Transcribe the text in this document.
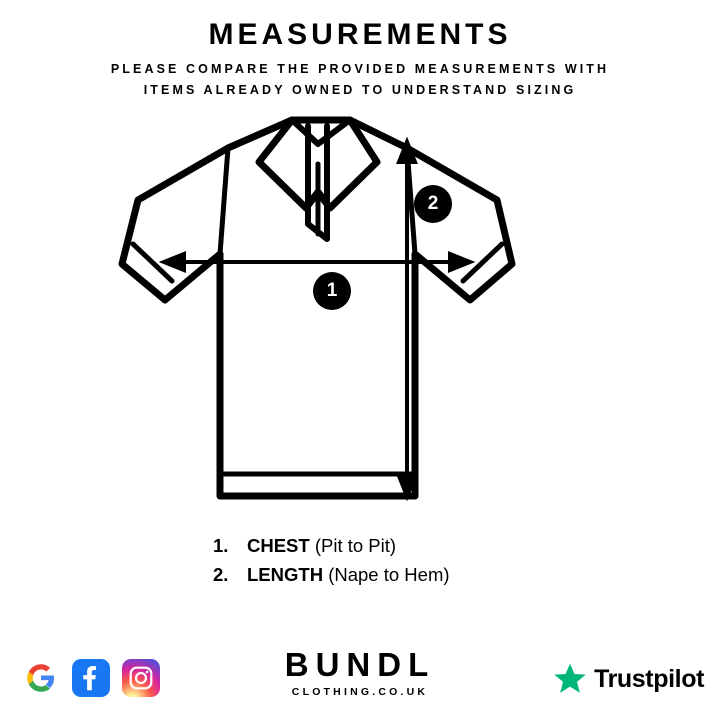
MEASUREMENTS
PLEASE COMPARE THE PROVIDED MEASUREMENTS WITH
ITEMS ALREADY OWNED TO UNDERSTAND SIZING
1
2
1.	CHEST (Pit to Pit)
2.	LENGTH (Nape to Hem)
BUNDL
CLOTHING.CO.UK	Trustpilot
